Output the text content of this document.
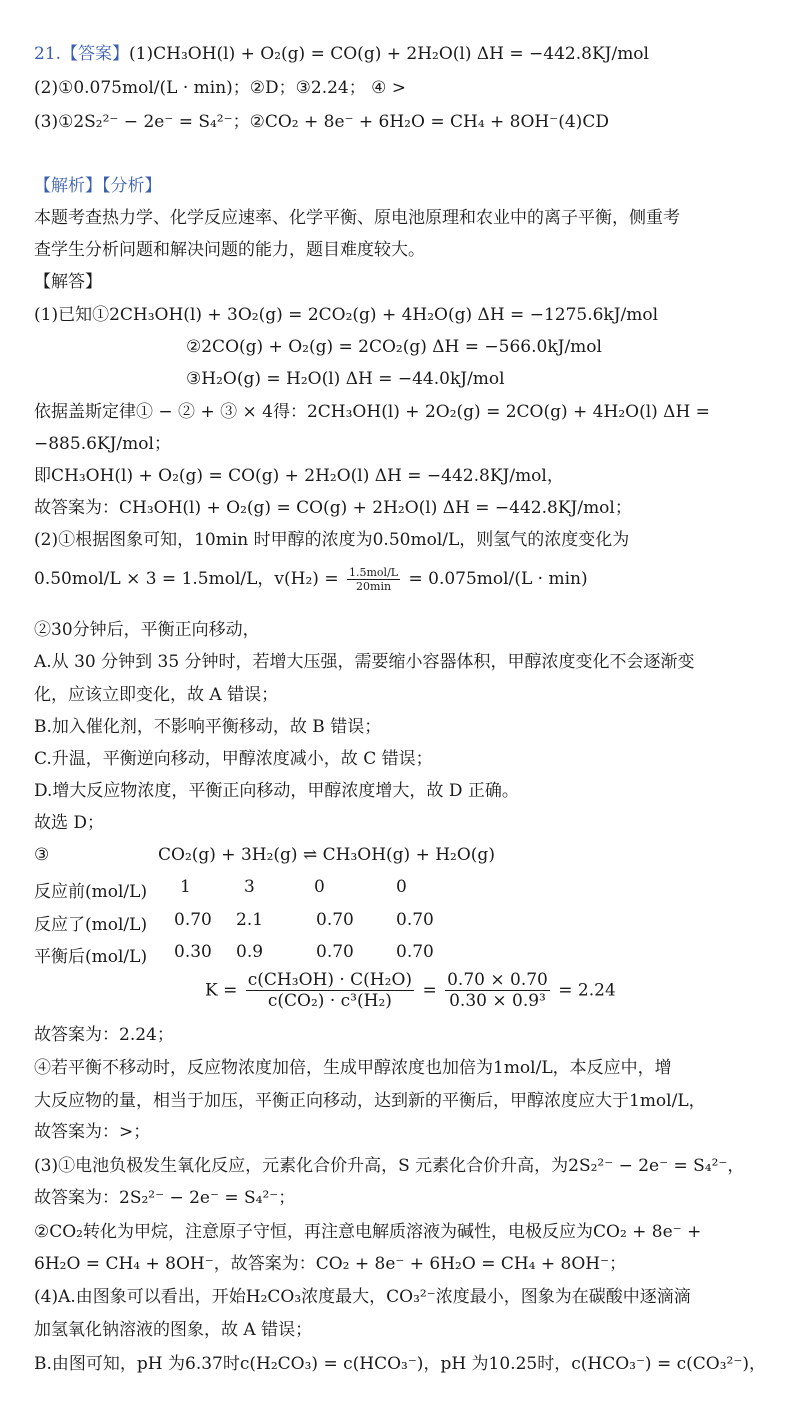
21.【答案】(1)CH₃OH(l) + O₂(g) = CO(g) + 2H₂O(l) ΔH = −442.8KJ/mol
(2)①0.075mol/(L · min)；②D；③2.24； ④ >
(3)①2S₂²⁻ − 2e⁻ = S₄²⁻；②CO₂ + 8e⁻ + 6H₂O = CH₄ + 8OH⁻(4)CD
【解析】【分析】
本题考查热力学、化学反应速率、化学平衡、原电池原理和农业中的离子平衡，侧重考
查学生分析问题和解决问题的能力，题目难度较大。
【解答】
(1)已知①2CH₃OH(l) + 3O₂(g) = 2CO₂(g) + 4H₂O(g) ΔH = −1275.6kJ/mol
②2CO(g) + O₂(g) = 2CO₂(g) ΔH = −566.0kJ/mol
③H₂O(g) = H₂O(l) ΔH = −44.0kJ/mol
依据盖斯定律① − ② + ③ × 4得：2CH₃OH(l) + 2O₂(g) = 2CO(g) + 4H₂O(l) ΔH =
−885.6KJ/mol；
即CH₃OH(l) + O₂(g) = CO(g) + 2H₂O(l) ΔH = −442.8KJ/mol，
故答案为：CH₃OH(l) + O₂(g) = CO(g) + 2H₂O(l) ΔH = −442.8KJ/mol；
(2)①根据图象可知，10min 时甲醇的浓度为0.50mol/L，则氢气的浓度变化为
0.50mol/L × 3 = 1.5mol/L，$v(H_2) = \frac{\text{1.5mol/L}}{20\min} = 0.075mol/(L \cdot \min)$
②30分钟后，平衡正向移动，
A.从 30 分钟到 35 分钟时，若增大压强，需要缩小容器体积，甲醇浓度变化不会逐渐变
化，应该立即变化，故 A 错误；
B.加入催化剂，不影响平衡移动，故 B 错误；
C.升温，平衡逆向移动，甲醇浓度减小，故 C 错误；
D.增大反应物浓度，平衡正向移动，甲醇浓度增大，故 D 正确。
故选 D；
③	CO₂(g) + 3H₂(g) ⇌ CH₃OH(g) + H₂O(g)
反应前(mol/L) 1	3	0	0
反应了(mol/L) 0.70 2.1	0.70 0.70
平衡后(mol/L) 0.30 0.9	0.70 0.70
$K = \frac{\text{c(CH₃OH) · C(H₂O)}}{\text{c(CO₂) · c³(H₂)}} = \frac{0.70 \times 0.70}{\text{0.30 × 0.9³}} = 2.24$
故答案为：2.24；
④若平衡不移动时，反应物浓度加倍，生成甲醇浓度也加倍为1mol/L，本反应中，增
大反应物的量，相当于加压，平衡正向移动，达到新的平衡后，甲醇浓度应大于1mol/L，
故答案为：>；
(3)①电池负极发生氧化反应，元素化合价升高，S 元素化合价升高，为2S₂²⁻ − 2e⁻ = S₄²⁻，
故答案为：2S₂²⁻ − 2e⁻ = S₄²⁻；
②CO₂转化为甲烷，注意原子守恒，再注意电解质溶液为碱性，电极反应为CO₂ + 8e⁻ +
6H₂O = CH₄ + 8OH⁻，故答案为：CO₂ + 8e⁻ + 6H₂O = CH₄ + 8OH⁻；
(4)A.由图象可以看出，开始H₂CO₃浓度最大，CO₃²⁻浓度最小，图象为在碳酸中逐滴滴
加氢氧化钠溶液的图象，故 A 错误；
B.由图可知，pH 为6.37时c(H₂CO₃) = c(HCO₃⁻)，pH 为10.25时，c(HCO₃⁻) = c(CO₃²⁻)，
